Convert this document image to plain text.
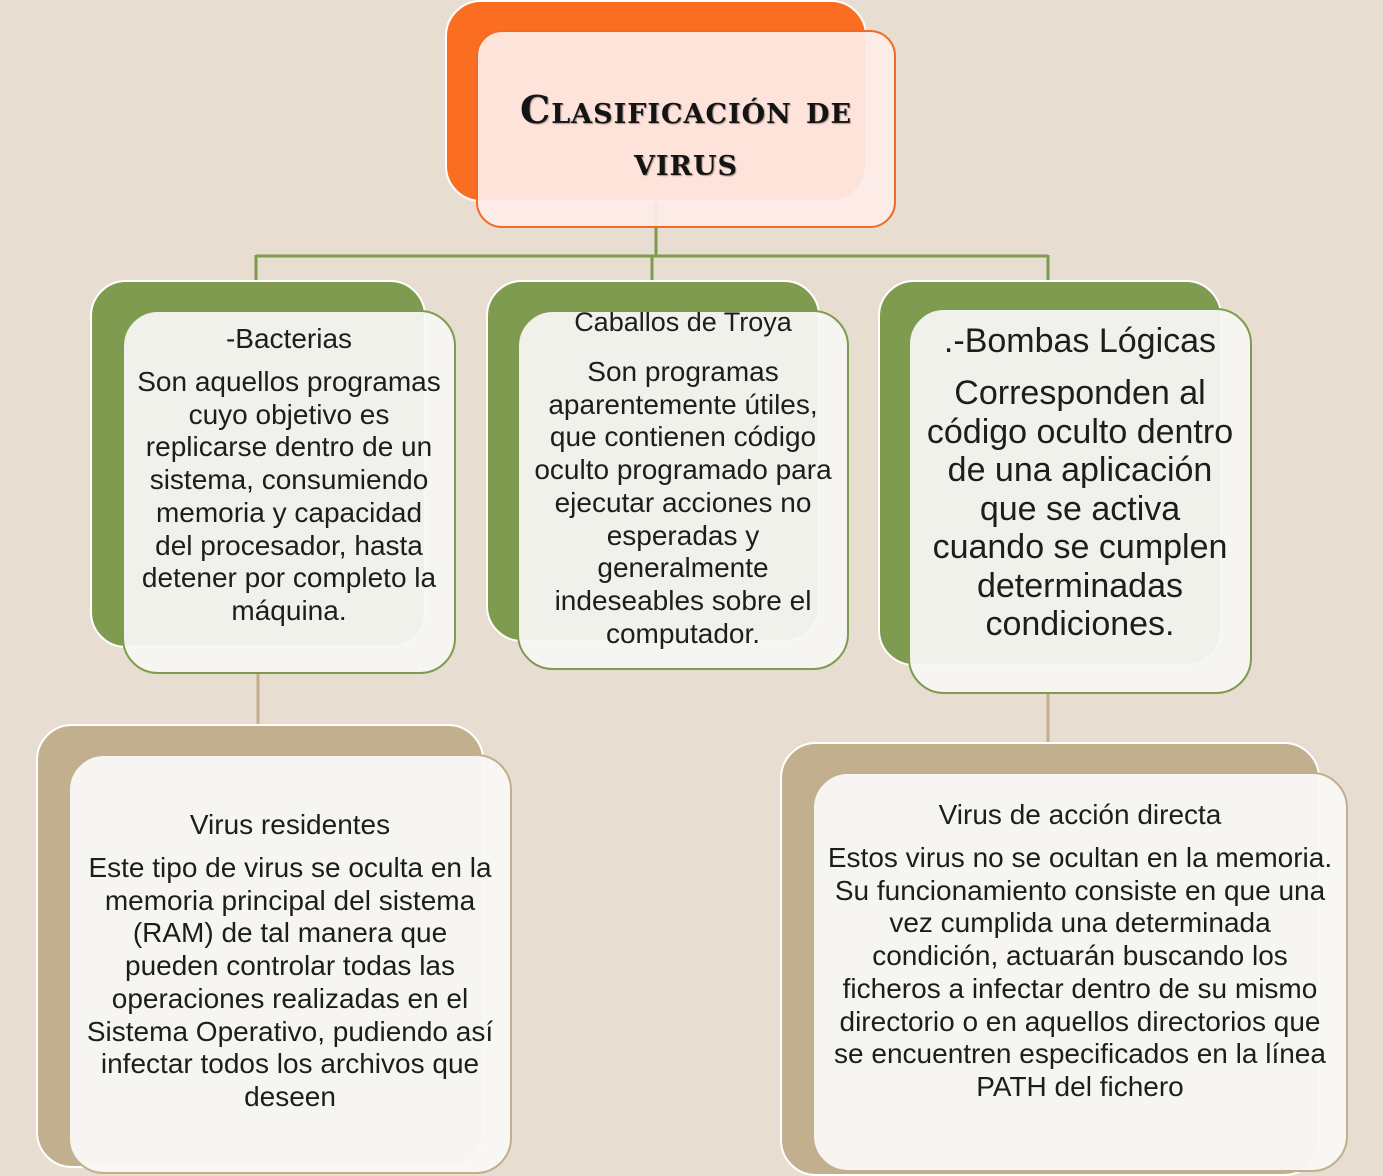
Clasificación de virus
-Bacterias
Son aquellos programas cuyo objetivo es replicarse dentro de un sistema, consumiendo memoria y capacidad del procesador, hasta detener por completo la máquina.
Caballos de Troya
Son programas aparentemente útiles, que contienen código oculto programado para ejecutar acciones no esperadas y generalmente indeseables sobre el computador.
.-Bombas Lógicas
Corresponden al código oculto dentro de una aplicación que se activa cuando se cumplen determinadas condiciones.
Virus residentes
Este tipo de virus se oculta en la memoria principal del sistema (RAM) de tal manera que pueden controlar todas las operaciones realizadas en el Sistema Operativo, pudiendo así infectar todos los archivos que deseen
Virus de acción directa
Estos virus no se ocultan en la memoria. Su funcionamiento consiste en que una vez cumplida una determinada condición, actuarán buscando los ficheros a infectar dentro de su mismo directorio o en aquellos directorios que se encuentren especificados en la línea PATH del fichero
